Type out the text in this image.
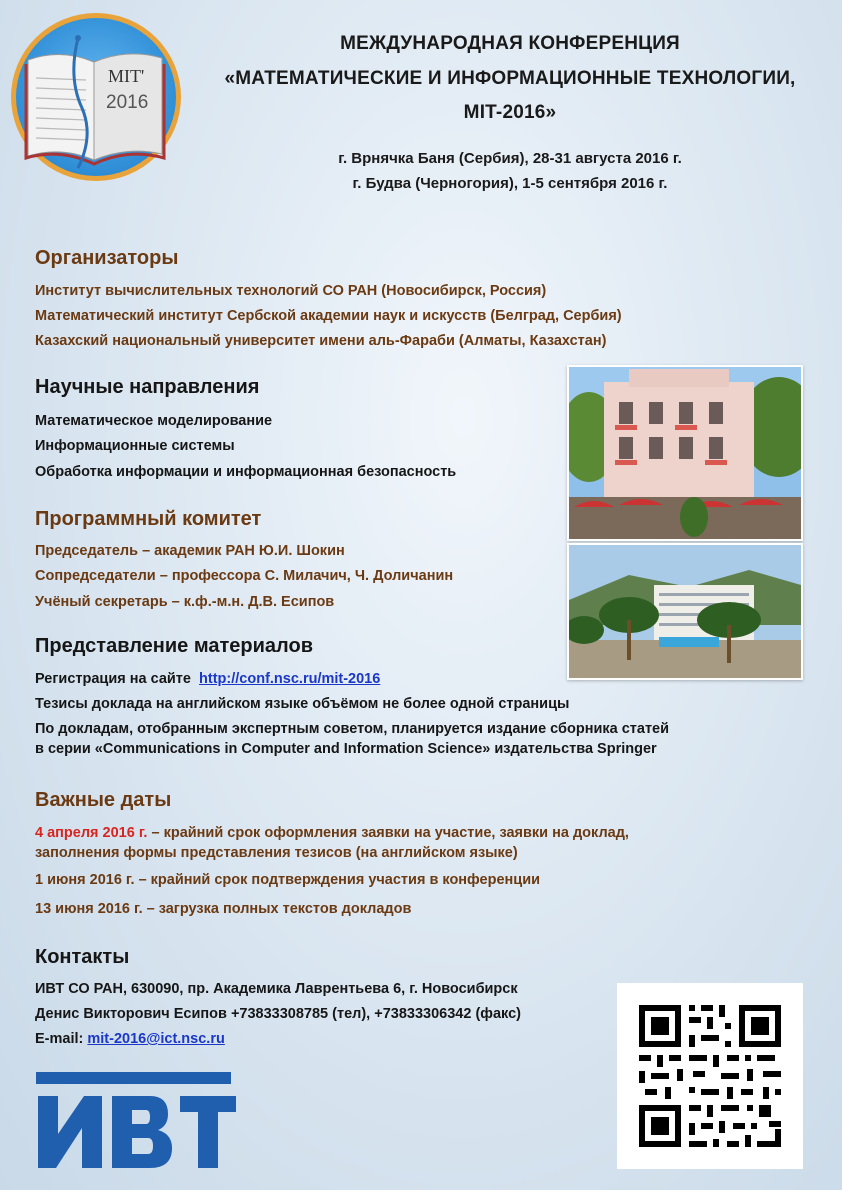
MIT'
2016
МЕЖДУНАРОДНАЯ КОНФЕРЕНЦИЯ
«МАТЕМАТИЧЕСКИЕ И ИНФОРМАЦИОННЫЕ ТЕХНОЛОГИИ,
MIT-2016»
г. Врнячка Баня (Сербия), 28-31 августа 2016 г.
г. Будва (Черногория), 1-5 сентября 2016 г.
Организаторы
Институт вычислительных технологий СО РАН (Новосибирск, Россия)
Математический институт Сербской академии наук и искусств (Белград, Сербия)
Казахский национальный университет имени аль-Фараби (Алматы, Казахстан)
Научные направления
Математическое моделирование
Информационные системы
Обработка информации и информационная безопасность
Программный комитет
Председатель – академик РАН Ю.И. Шокин
Сопредседатели – профессора С. Милачич, Ч. Доличанин
Учёный секретарь – к.ф.-м.н. Д.В. Есипов
Представление материалов
Регистрация на сайте http://conf.nsc.ru/mit-2016
Тезисы доклада на английском языке объёмом не более одной страницы
По докладам, отобранным экспертным советом, планируется издание сборника статей
в серии «Communications in Computer and Information Science» издательства Springer
Важные даты
4 апреля 2016 г. – крайний срок оформления заявки на участие, заявки на доклад,
заполнения формы представления тезисов (на английском языке)
1 июня 2016 г. – крайний срок подтверждения участия в конференции
13 июня 2016 г. – загрузка полных текстов докладов
Контакты
ИВТ СО РАН, 630090, пр. Академика Лаврентьева 6, г. Новосибирск
Денис Викторович Есипов +73833308785 (тел), +73833306342 (факс)
E-mail: mit-2016@ict.nsc.ru
